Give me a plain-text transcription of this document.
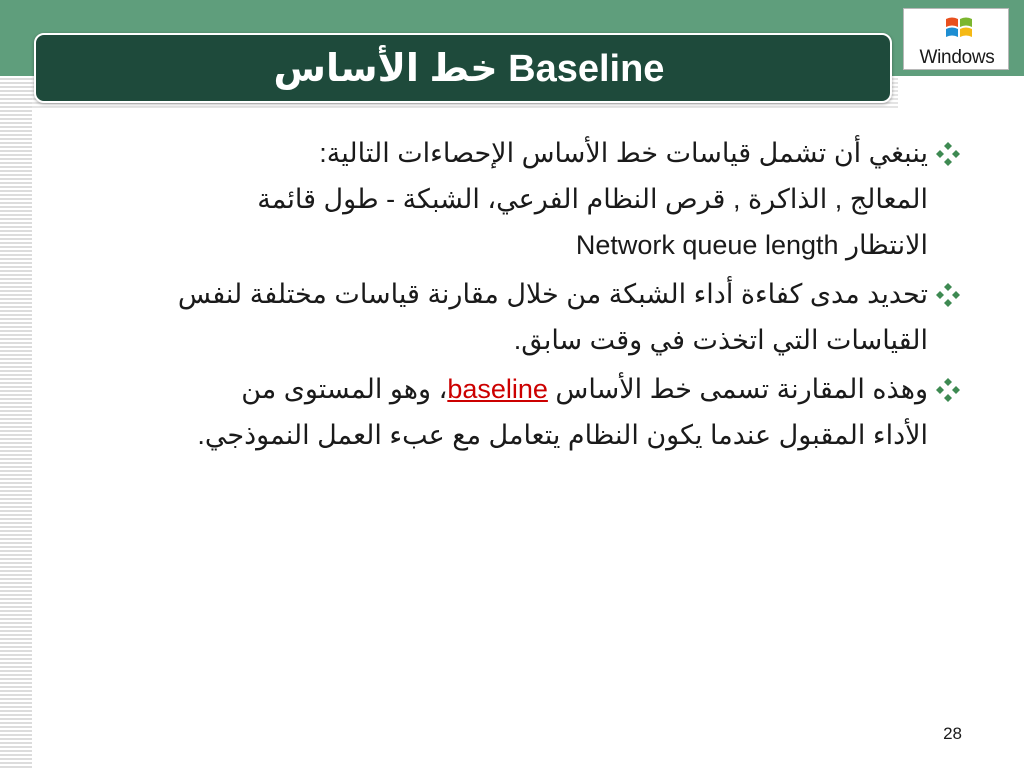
Baseline خط الأساس	Windows
ينبغي أن تشمل قياسات خط الأساس الإحصاءات التالية:
المعالج , الذاكرة , قرص النظام الفرعي، الشبكة - طول قائمة
الانتظار Network queue length
تحديد مدى كفاءة أداء الشبكة من خلال مقارنة قياسات مختلفة لنفس
القياسات التي اتخذت في وقت سابق.
وهذه المقارنة تسمى خط الأساس baseline، وهو المستوى من
الأداء المقبول عندما يكون النظام يتعامل مع عبء العمل النموذجي.
28
